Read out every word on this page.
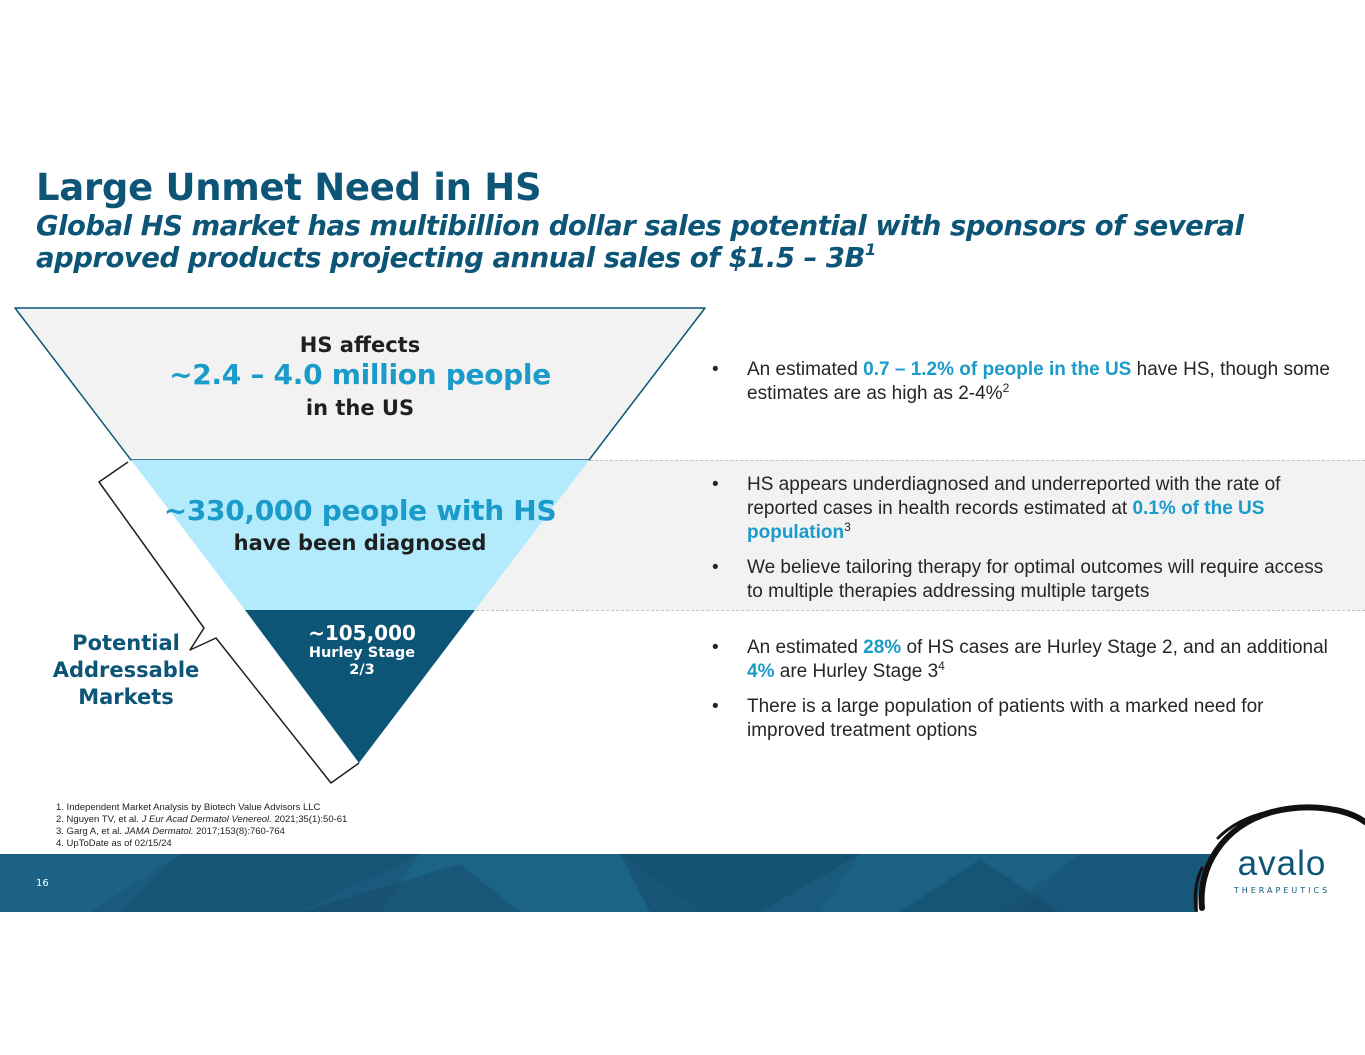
Large Unmet Need in HS

Global HS market has multibillion dollar sales potential with sponsors of several approved products projecting annual sales of $1.5 – $3B^1$

HS affects
~2.4 – 4.0 million people
in the US
~330,000 people with HS
have been diagnosed
~105,000
Hurley Stage
2/3
Potential
Addressable
Markets
• An estimated 0.7 – 1.2% of people in the US have HS, though some estimates are as high as 2-4%$^2$
• HS appears underdiagnosed and underreported with the rate of reported cases in health records estimated at 0.1% of the US population$^3$
• We believe tailoring therapy for optimal outcomes will require access to multiple therapies addressing multiple targets
• An estimated 28% of HS cases are Hurley Stage 2, and an additional 4% are Hurley Stage $3^4$
• There is a large population of patients with a marked need for improved treatment options
1. Independent Market Analysis by Biotech Value Advisors LLC
2. Nguyen TV, et al. J Eur Acad Dermatol Venereol. 2021;35(1):50-61
3. Garg A, et al. JAMA Dermatol. 2017;153(8):760-764
4. UpToDate as of 02/15/24
16
avalo
THERAPEUTICS
